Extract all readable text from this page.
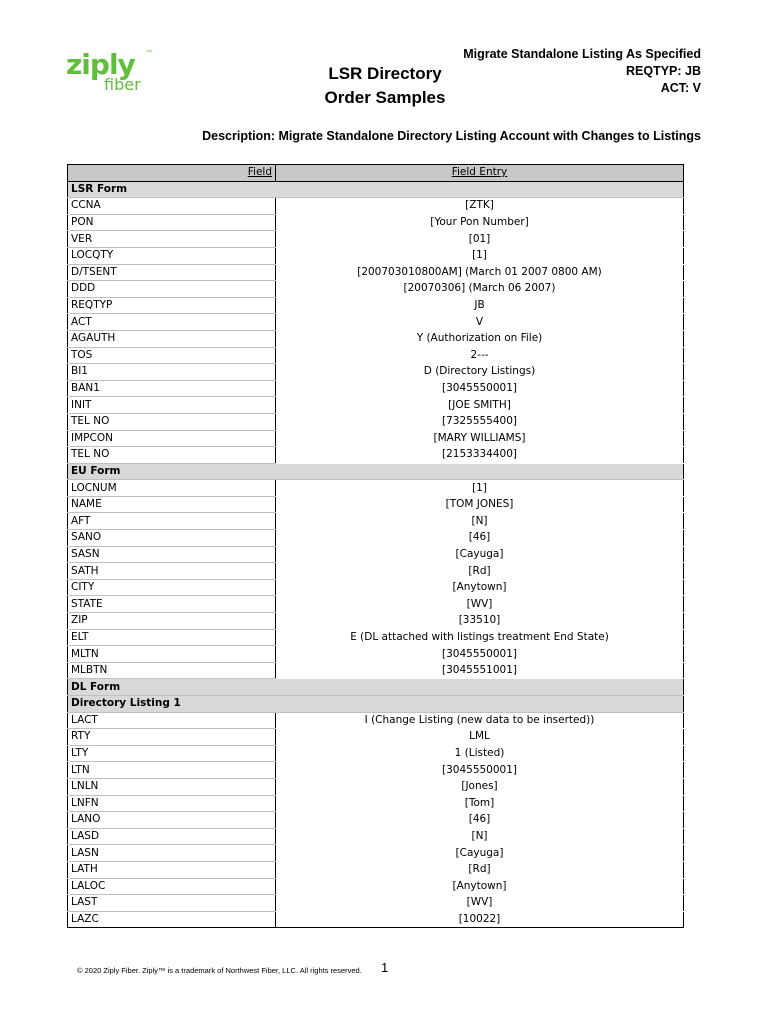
ziply ™
fiber
LSR Directory
Order Samples
Migrate Standalone Listing As Specified
REQTYP: JB
ACT: V
Description: Migrate Standalone Directory Listing Account with Changes to Listings
Field	Field Entry
LSR Form	
CCNA	[ZTK]
PON	[Your Pon Number]
VER	[01]
LOCQTY	[1]
D/TSENT	[200703010800AM] (March 01 2007 0800 AM)
DDD	[20070306] (March 06 2007)
REQTYP	JB
ACT	V
AGAUTH	Y (Authorization on File)
TOS	2---
BI1	D (Directory Listings)
BAN1	[3045550001]
INIT	[JOE SMITH]
TEL NO	[7325555400]
IMPCON	[MARY WILLIAMS]
TEL NO	[2153334400]
EU Form	
LOCNUM	[1]
NAME	[TOM JONES]
AFT	[N]
SANO	[46]
SASN	[Cayuga]
SATH	[Rd]
CITY	[Anytown]
STATE	[WV]
ZIP	[33510]
ELT	E (DL attached with listings treatment End State)
MLTN	[3045550001]
MLBTN	[3045551001]
DL Form	
Directory Listing 1	
LACT	I (Change Listing (new data to be inserted))
RTY	LML
LTY	1 (Listed)
LTN	[3045550001]
LNLN	[Jones]
LNFN	[Tom]
LANO	[46]
LASD	[N]
LASN	[Cayuga]
LATH	[Rd]
LALOC	[Anytown]
LAST	[WV]
LAZC	[10022]
© 2020 Ziply Fiber. Ziply™ is a trademark of Northwest Fiber, LLC. All rights reserved. 1
